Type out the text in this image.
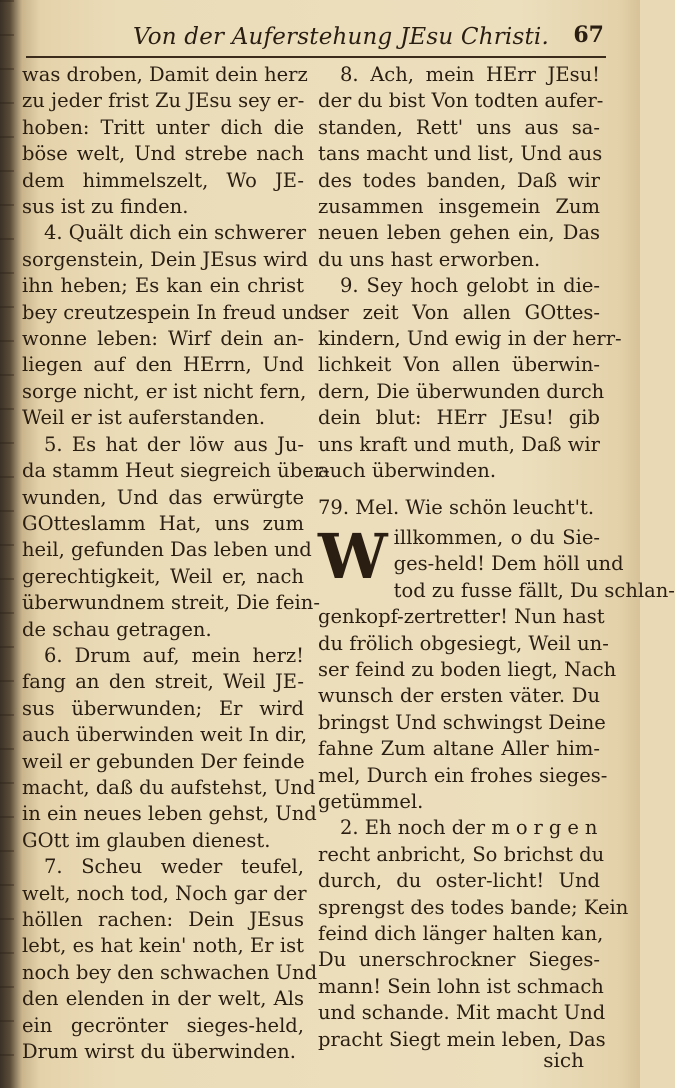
Von der Auferstehung JEsu Christi. 67
was droben, Damit dein herz
zu jeder frist Zu JEsu sey er-
hoben: Tritt unter dich die
böse welt, Und strebe nach
dem himmelszelt, Wo JE-
sus ist zu finden.
4. Quält dich ein schwerer
sorgenstein, Dein JEsus wird
ihn heben; Es kan ein christ
bey creutzespein In freud und
wonne leben: Wirf dein an-
liegen auf den HErrn, Und
sorge nicht, er ist nicht fern,
Weil er ist auferstanden.
5. Es hat der löw aus Ju-
da stamm Heut siegreich über-
wunden, Und das erwürgte
GOtteslamm Hat, uns zum
heil, gefunden Das leben und
gerechtigkeit, Weil er, nach
überwundnem streit, Die fein-
de schau getragen.
6. Drum auf, mein herz!
fang an den streit, Weil JE-
sus überwunden; Er wird
auch überwinden weit In dir,
weil er gebunden Der feinde
macht, daß du aufstehst, Und
in ein neues leben gehst, Und
GOtt im glauben dienest.
7. Scheu weder teufel,
welt, noch tod, Noch gar der
höllen rachen: Dein JEsus
lebt, es hat kein' noth, Er ist
noch bey den schwachen Und
den elenden in der welt, Als
ein gecrönter sieges-held,
Drum wirst du überwinden.
8. Ach, mein HErr JEsu!
der du bist Von todten aufer-
standen, Rett' uns aus sa-
tans macht und list, Und aus
des todes banden, Daß wir
zusammen insgemein Zum
neuen leben gehen ein, Das
du uns hast erworben.
9. Sey hoch gelobt in die-
ser zeit Von allen GOttes-
kindern, Und ewig in der herr-
lichkeit Von allen überwin-
dern, Die überwunden durch
dein blut: HErr JEsu! gib
uns kraft und muth, Daß wir
auch überwinden.
79. Mel. Wie schön leucht't.
W illkommen, o du Sie-
ges-held! Dem höll und
tod zu fusse fällt, Du schlan-
genkopf-zertretter! Nun hast
du frölich obgesiegt, Weil un-
ser feind zu boden liegt, Nach
wunsch der ersten väter. Du
bringst Und schwingst Deine
fahne Zum altane Aller him-
mel, Durch ein frohes sieges-
getümmel.
2. Eh noch der morgen
recht anbricht, So brichst du
durch, du oster-licht! Und
sprengst des todes bande; Kein
feind dich länger halten kan,
Du unerschrockner Sieges-
mann! Sein lohn ist schmach
und schande. Mit macht Und
pracht Siegt mein leben, Das
sich
